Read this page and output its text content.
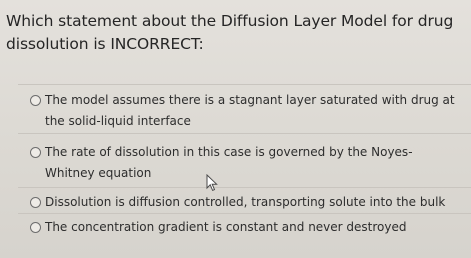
Which statement about the Diffusion Layer Model for drug dissolution is INCORRECT:
The model assumes there is a stagnant layer saturated with drug at the solid-liquid interface
The rate of dissolution in this case is governed by the Noyes-Whitney equation
Dissolution is diffusion controlled, transporting solute into the bulk
The concentration gradient is constant and never destroyed
